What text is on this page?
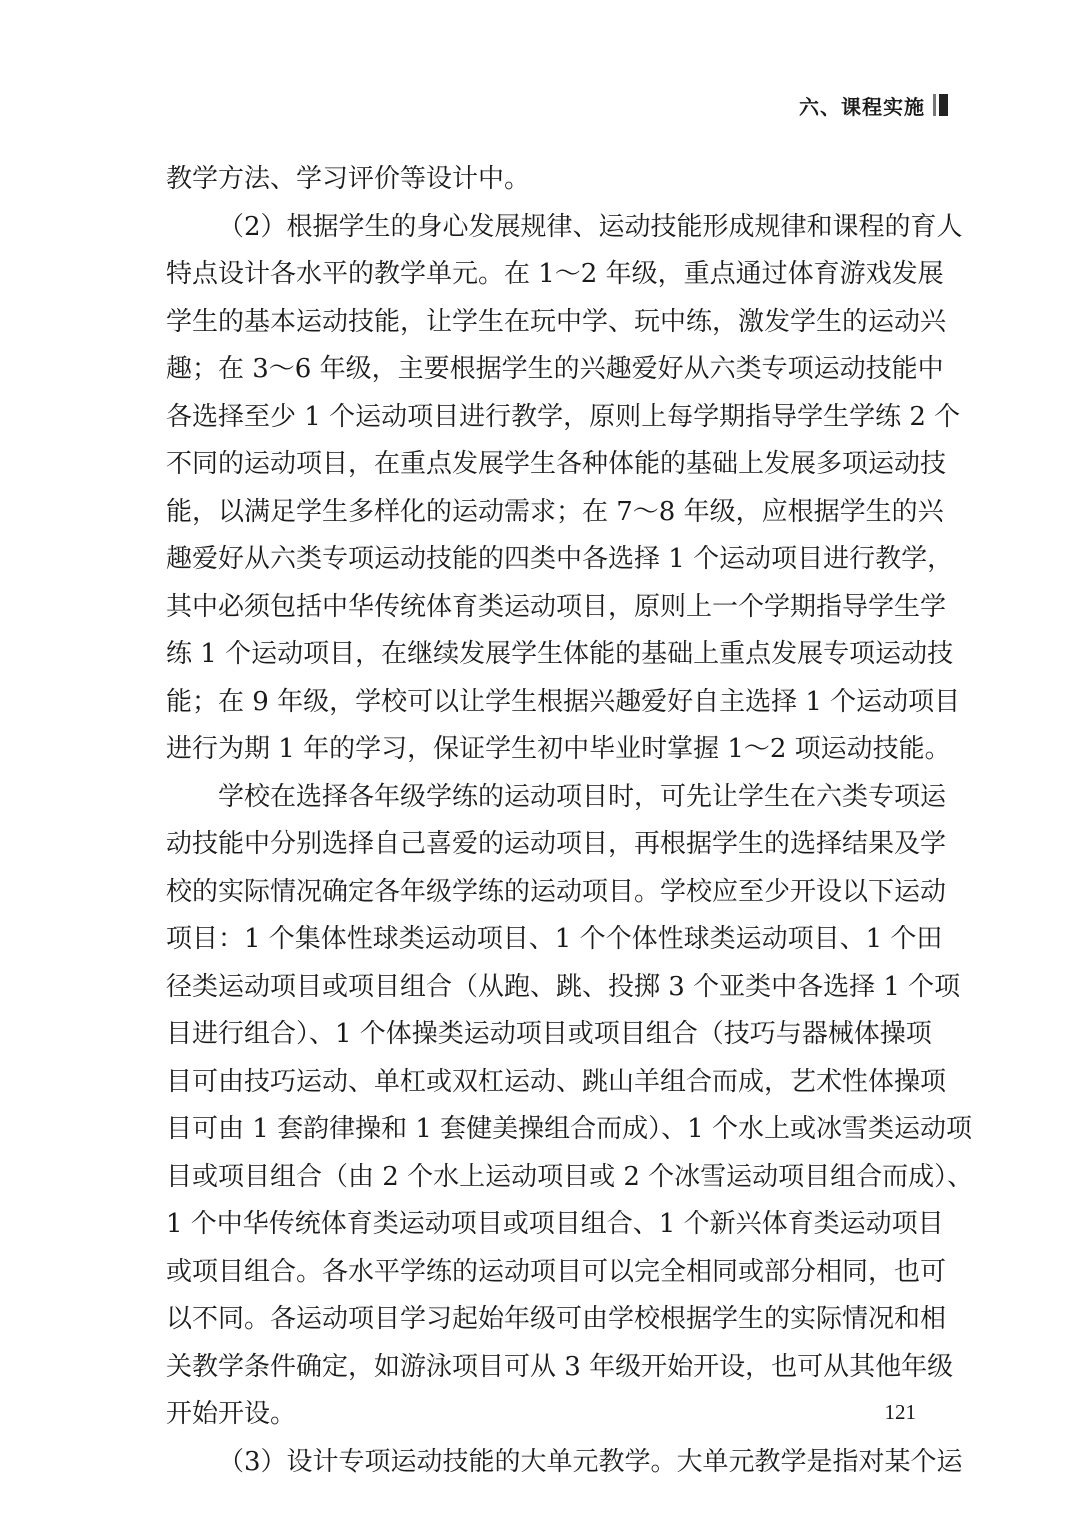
六、课程实施
教学方法、学习评价等设计中。
（2）根据学生的身心发展规律、运动技能形成规律和课程的育人
特点设计各水平的教学单元。在 1～2 年级，重点通过体育游戏发展
学生的基本运动技能，让学生在玩中学、玩中练，激发学生的运动兴
趣；在 3～6 年级，主要根据学生的兴趣爱好从六类专项运动技能中
各选择至少 1 个运动项目进行教学，原则上每学期指导学生学练 2 个
不同的运动项目，在重点发展学生各种体能的基础上发展多项运动技
能，以满足学生多样化的运动需求；在 7～8 年级，应根据学生的兴
趣爱好从六类专项运动技能的四类中各选择 1 个运动项目进行教学，
其中必须包括中华传统体育类运动项目，原则上一个学期指导学生学
练 1 个运动项目，在继续发展学生体能的基础上重点发展专项运动技
能；在 9 年级，学校可以让学生根据兴趣爱好自主选择 1 个运动项目
进行为期 1 年的学习，保证学生初中毕业时掌握 1～2 项运动技能。
学校在选择各年级学练的运动项目时，可先让学生在六类专项运
动技能中分别选择自己喜爱的运动项目，再根据学生的选择结果及学
校的实际情况确定各年级学练的运动项目。学校应至少开设以下运动
项目：1 个集体性球类运动项目、1 个个体性球类运动项目、1 个田
径类运动项目或项目组合（从跑、跳、投掷 3 个亚类中各选择 1 个项
目进行组合）、1 个体操类运动项目或项目组合（技巧与器械体操项
目可由技巧运动、单杠或双杠运动、跳山羊组合而成，艺术性体操项
目可由 1 套韵律操和 1 套健美操组合而成）、1 个水上或冰雪类运动项
目或项目组合（由 2 个水上运动项目或 2 个冰雪运动项目组合而成）、
1 个中华传统体育类运动项目或项目组合、1 个新兴体育类运动项目
或项目组合。各水平学练的运动项目可以完全相同或部分相同，也可
以不同。各运动项目学习起始年级可由学校根据学生的实际情况和相
关教学条件确定，如游泳项目可从 3 年级开始开设，也可从其他年级
开始开设。
（3）设计专项运动技能的大单元教学。大单元教学是指对某个运
121
